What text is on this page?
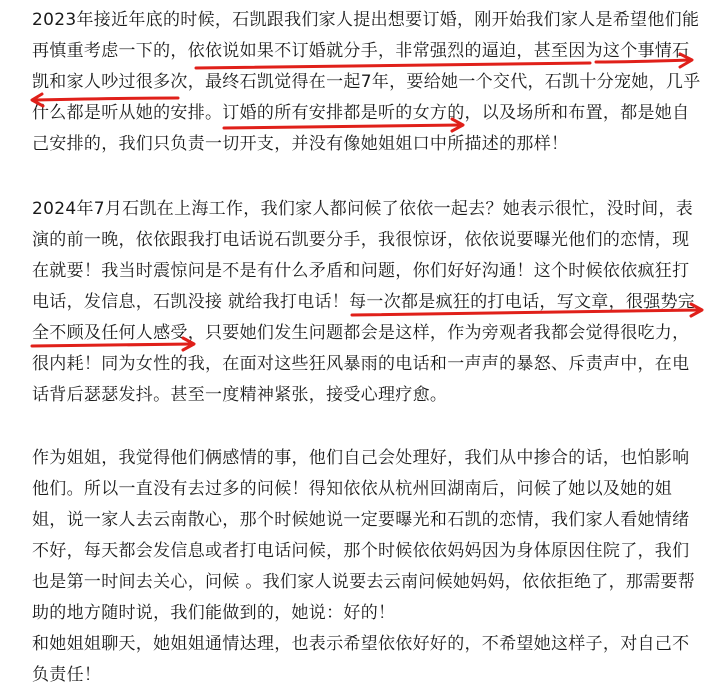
2023年接近年底的时候，石凯跟我们家人提出想要订婚，刚开始我们家人是希望他们能
再慎重考虑一下的，依依说如果不订婚就分手，非常强烈的逼迫，甚至因为这个事情石
凯和家人吵过很多次，最终石凯觉得在一起7年，要给她一个交代，石凯十分宠她，几乎
什么都是听从她的安排。订婚的所有安排都是听的女方的，以及场所和布置，都是她自
己安排的，我们只负责一切开支，并没有像她姐姐口中所描述的那样！
2024年7月石凯在上海工作，我们家人都问候了依依一起去？她表示很忙，没时间，表
演的前一晚，依依跟我打电话说石凯要分手，我很惊讶，依依说要曝光他们的恋情，现
在就要！我当时震惊问是不是有什么矛盾和问题，你们好好沟通！这个时候依依疯狂打
电话，发信息，石凯没接 就给我打电话！每一次都是疯狂的打电话，写文章，很强势完
全不顾及任何人感受，只要她们发生问题都会是这样，作为旁观者我都会觉得很吃力，
很内耗！同为女性的我，在面对这些狂风暴雨的电话和一声声的暴怒、斥责声中，在电
话背后瑟瑟发抖。甚至一度精神紧张，接受心理疗愈。
作为姐姐，我觉得他们俩感情的事，他们自己会处理好，我们从中掺合的话，也怕影响
他们。所以一直没有去过多的问候！得知依依从杭州回湖南后，问候了她以及她的姐
姐，说一家人去云南散心，那个时候她说一定要曝光和石凯的恋情，我们家人看她情绪
不好，每天都会发信息或者打电话问候，那个时候依依妈妈因为身体原因住院了，我们
也是第一时间去关心，问候 。我们家人说要去云南问候她妈妈，依依拒绝了，那需要帮
助的地方随时说，我们能做到的，她说：好的！
和她姐姐聊天，她姐姐通情达理，也表示希望依依好好的，不希望她这样子，对自己不
负责任！
